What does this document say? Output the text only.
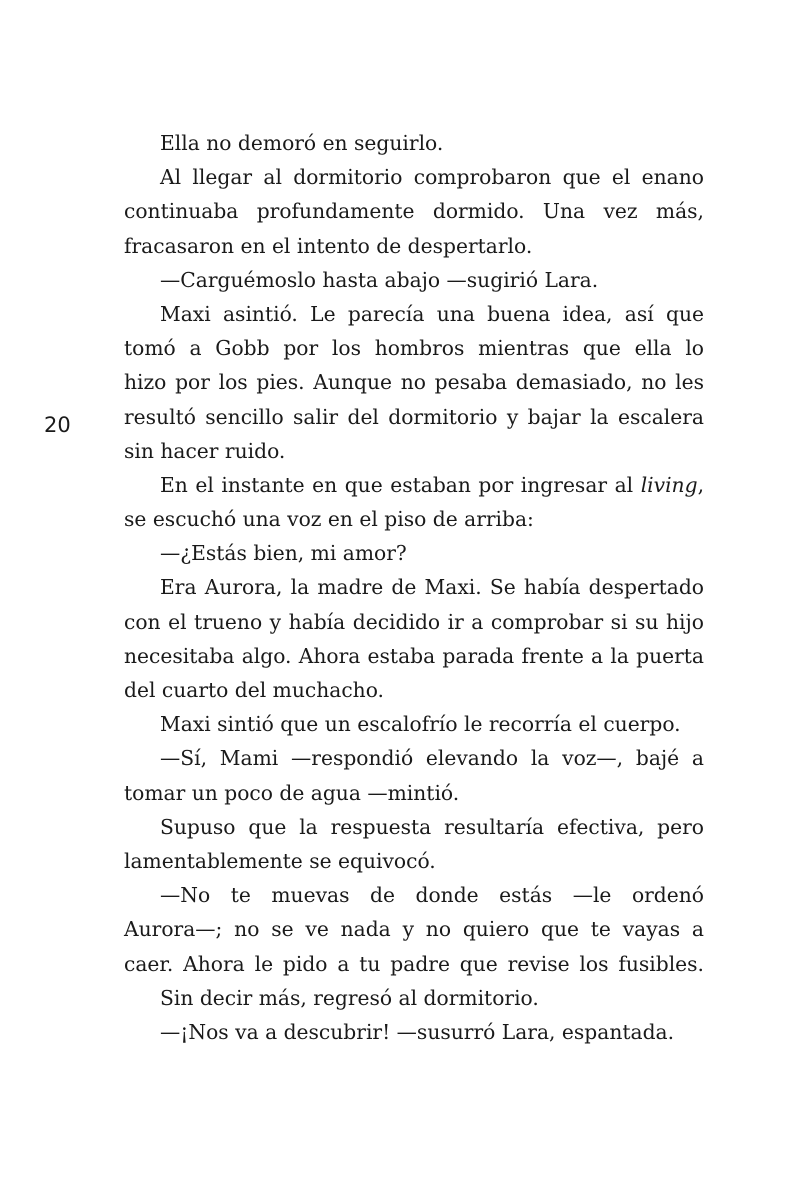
20
Ella no demoró en seguirlo.
Al llegar al dormitorio comprobaron que el enano
continuaba profundamente dormido. Una vez más,
fracasaron en el intento de despertarlo.
—Carguémoslo hasta abajo —sugirió Lara.
Maxi asintió. Le parecía una buena idea, así que
tomó a Gobb por los hombros mientras que ella lo
hizo por los pies. Aunque no pesaba demasiado, no les
resultó sencillo salir del dormitorio y bajar la escalera
sin hacer ruido.
En el instante en que estaban por ingresar al living,
se escuchó una voz en el piso de arriba:
—¿Estás bien, mi amor?
Era Aurora, la madre de Maxi. Se había despertado
con el trueno y había decidido ir a comprobar si su hijo
necesitaba algo. Ahora estaba parada frente a la puerta
del cuarto del muchacho.
Maxi sintió que un escalofrío le recorría el cuerpo.
—Sí, Mami —respondió elevando la voz—, bajé a
tomar un poco de agua —mintió.
Supuso que la respuesta resultaría efectiva, pero
lamentablemente se equivocó.
—No te muevas de donde estás —le ordenó
Aurora—; no se ve nada y no quiero que te vayas a
caer. Ahora le pido a tu padre que revise los fusibles.
Sin decir más, regresó al dormitorio.
—¡Nos va a descubrir! —susurró Lara, espantada.
